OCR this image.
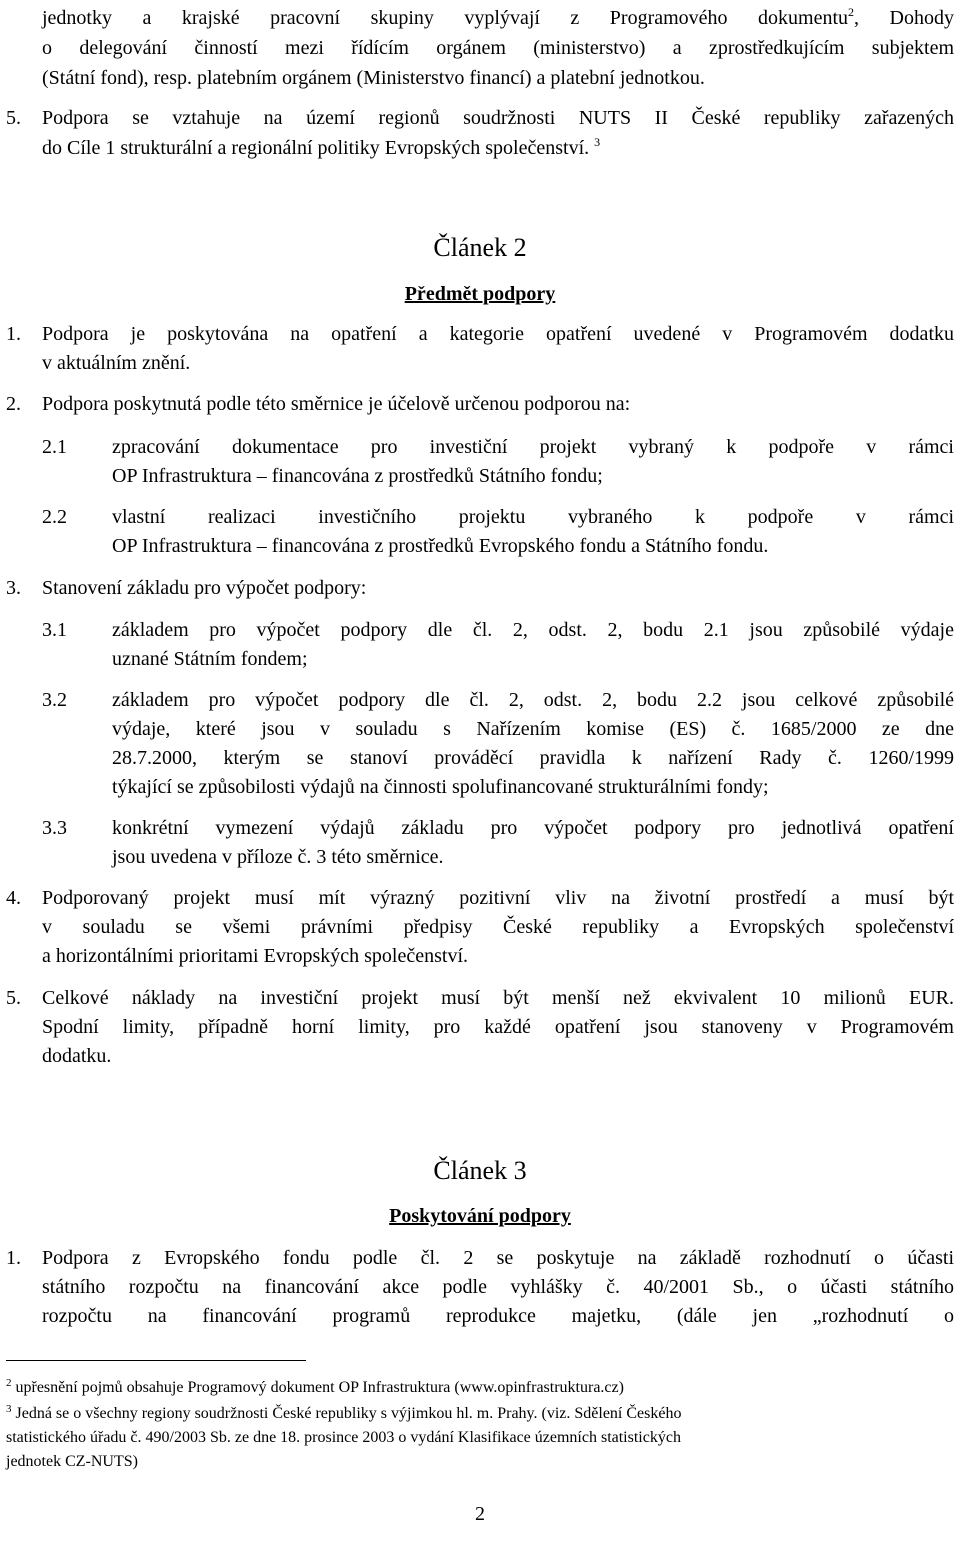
jednotky a krajské pracovní skupiny vyplývají z Programového dokumentu$^2$, Dohody
o delegování činností mezi řídícím orgánem (ministerstvo) a zprostředkujícím subjektem
(Státní fond), resp. platebním orgánem (Ministerstvo financí) a platební jednotkou.
5. Podpora se vztahuje na území regionů soudržnosti NUTS II České republiky zařazených
do Cíle 1 strukturální a regionální politiky Evropských společenství. $^3$
Článek 2
Předmět podpory
1. Podpora je poskytována na opatření a kategorie opatření uvedené v Programovém dodatku
v aktuálním znění.
2. Podpora poskytnutá podle této směrnice je účelově určenou podporou na:
2.1 zpracování dokumentace pro investiční projekt vybraný k podpoře v rámci
OP Infrastruktura – financována z prostředků Státního fondu;
2.2 vlastní realizaci investičního projektu vybraného k podpoře v rámci
OP Infrastruktura – financována z prostředků Evropského fondu a Státního fondu.
3. Stanovení základu pro výpočet podpory:
3.1 základem pro výpočet podpory dle čl. 2, odst. 2, bodu 2.1 jsou způsobilé výdaje
uznané Státním fondem;
3.2 základem pro výpočet podpory dle čl. 2, odst. 2, bodu 2.2 jsou celkové způsobilé
výdaje, které jsou v souladu s Nařízením komise (ES) č. 1685/2000 ze dne
28.7.2000, kterým se stanoví prováděcí pravidla k nařízení Rady č. 1260/1999
týkající se způsobilosti výdajů na činnosti spolufinancované strukturálními fondy;
3.3 konkrétní vymezení výdajů základu pro výpočet podpory pro jednotlivá opatření
jsou uvedena v příloze č. 3 této směrnice.
4. Podporovaný projekt musí mít výrazný pozitivní vliv na životní prostředí a musí být
v souladu se všemi právními předpisy České republiky a Evropských společenství
a horizontálními prioritami Evropských společenství.
5. Celkové náklady na investiční projekt musí být menší než ekvivalent 10 milionů EUR.
Spodní limity, případně horní limity, pro každé opatření jsou stanoveny v Programovém
dodatku.
Článek 3
Poskytování podpory
1. Podpora z Evropského fondu podle čl. 2 se poskytuje na základě rozhodnutí o účasti
státního rozpočtu na financování akce podle vyhlášky č. 40/2001 Sb., o účasti státního
rozpočtu na financování programů reprodukce majetku, (dále jen „rozhodnutí o
$^2$ upřesnění pojmů obsahuje Programový dokument OP Infrastruktura (www.opinfrastruktura.cz)
$^3$ Jedná se o všechny regiony soudržnosti České republiky s výjimkou hl. m. Prahy. (viz. Sdělení Českého
statistického úřadu č. 490/2003 Sb. ze dne 18. prosince 2003 o vydání Klasifikace územních statistických
jednotek CZ-NUTS)
2
